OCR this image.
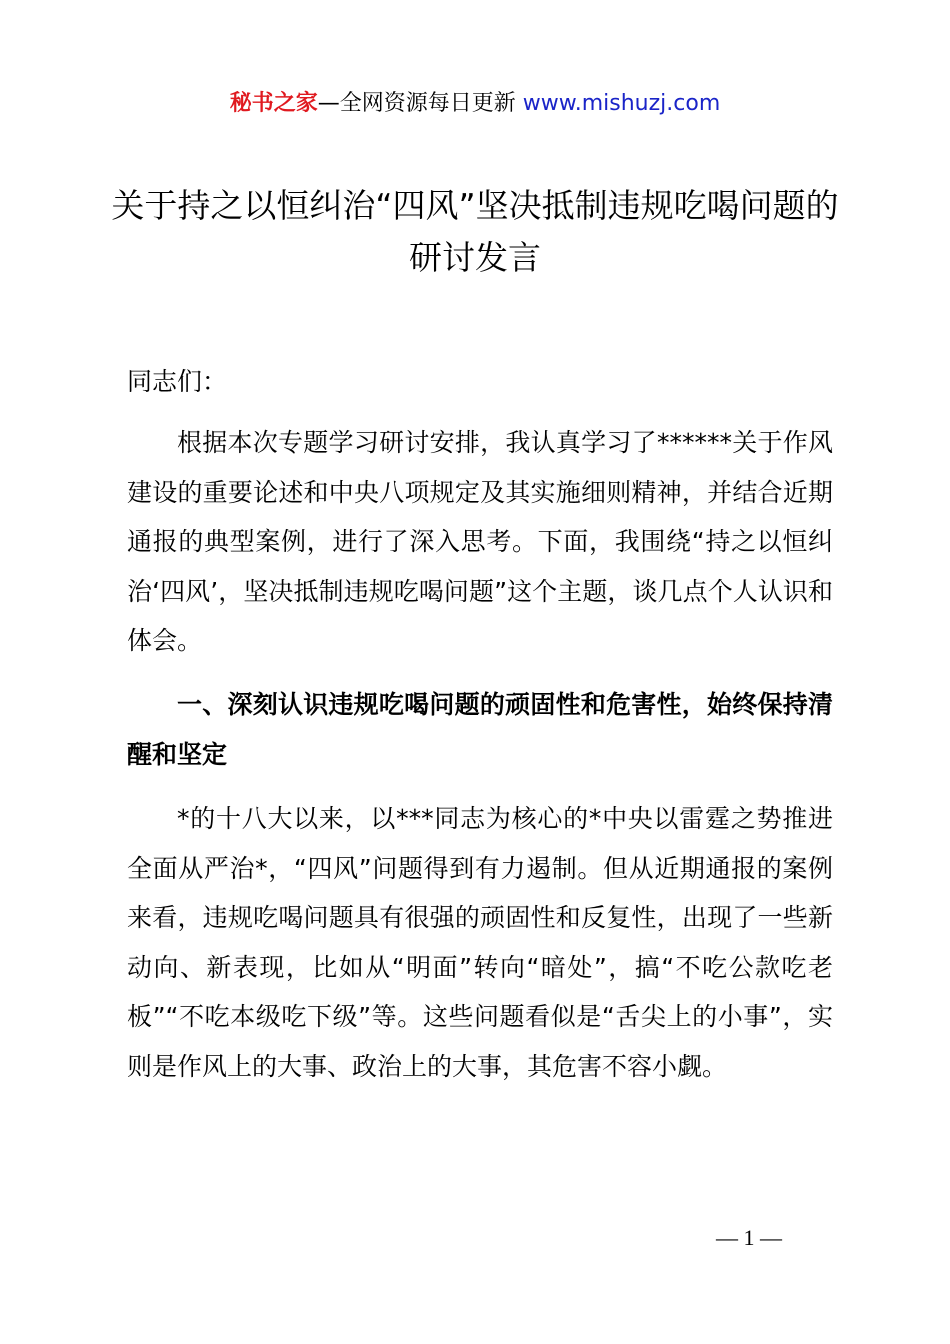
秘书之家—全网资源每日更新 www.mishuzj.com
关于持之以恒纠治“四风”坚决抵制违规吃喝问题的研讨发言
同志们：

根据本次专题学习研讨安排，我认真学习了******关于作风建设的重要论述和中央八项规定及其实施细则精神，并结合近期通报的典型案例，进行了深入思考。下面，我围绕“持之以恒纠治‘四风’，坚决抵制违规吃喝问题”这个主题，谈几点个人认识和体会。

一、深刻认识违规吃喝问题的顽固性和危害性，始终保持清醒和坚定

*的十八大以来，以***同志为核心的*中央以雷霆之势推进全面从严治*，“四风”问题得到有力遏制。但从近期通报的案例来看，违规吃喝问题具有很强的顽固性和反复性，出现了一些新动向、新表现，比如从“明面”转向“暗处”，搞“不吃公款吃老板”“不吃本级吃下级”等。这些问题看似是“舌尖上的小事”，实则是作风上的大事、政治上的大事，其危害不容小觑。

— 1 —
